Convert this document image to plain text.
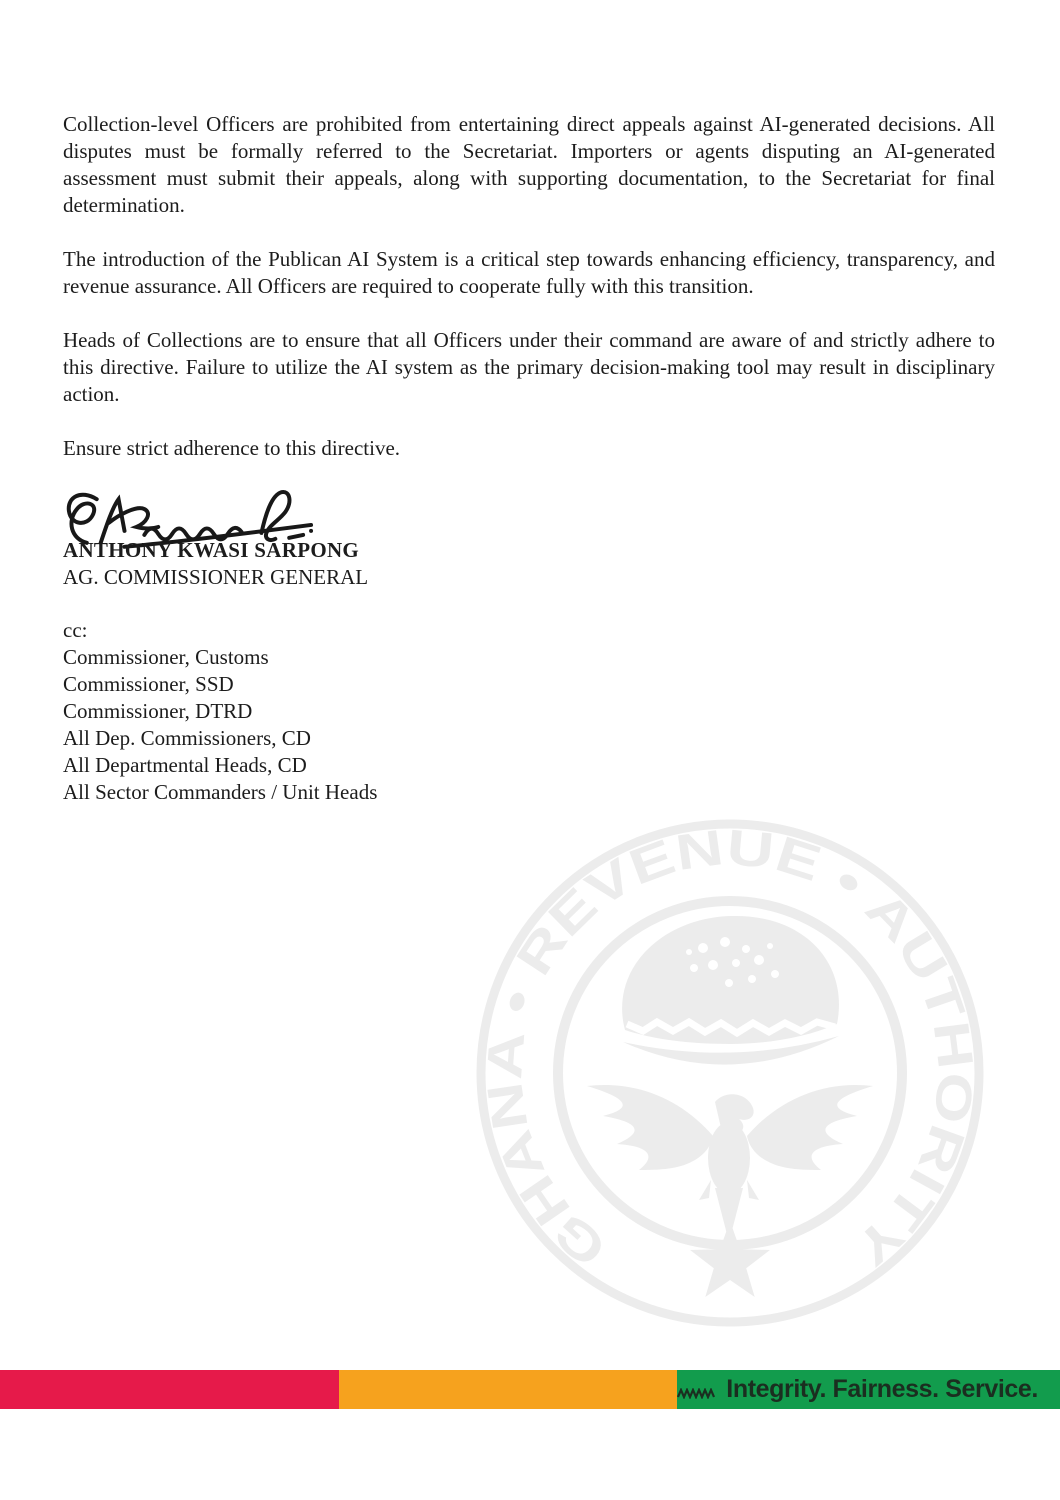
GHANA • REVENUE • AUTHORITY
Collection-level Officers are prohibited from entertaining direct appeals against AI-generated decisions. All
disputes must be formally referred to the Secretariat. Importers or agents disputing an AI-generated
assessment must submit their appeals, along with supporting documentation, to the Secretariat for final
determination.
The introduction of the Publican AI System is a critical step towards enhancing efficiency, transparency, and
revenue assurance. All Officers are required to cooperate fully with this transition.
Heads of Collections are to ensure that all Officers under their command are aware of and strictly adhere to
this directive. Failure to utilize the AI system as the primary decision-making tool may result in disciplinary
action.
Ensure strict adherence to this directive.
ANTHONY KWASI SARPONG
AG. COMMISSIONER GENERAL
cc:
Commissioner, Customs
Commissioner, SSD
Commissioner, DTRD
All Dep. Commissioners, CD
All Departmental Heads, CD
All Sector Commanders / Unit Heads
Integrity. Fairness. Service.
